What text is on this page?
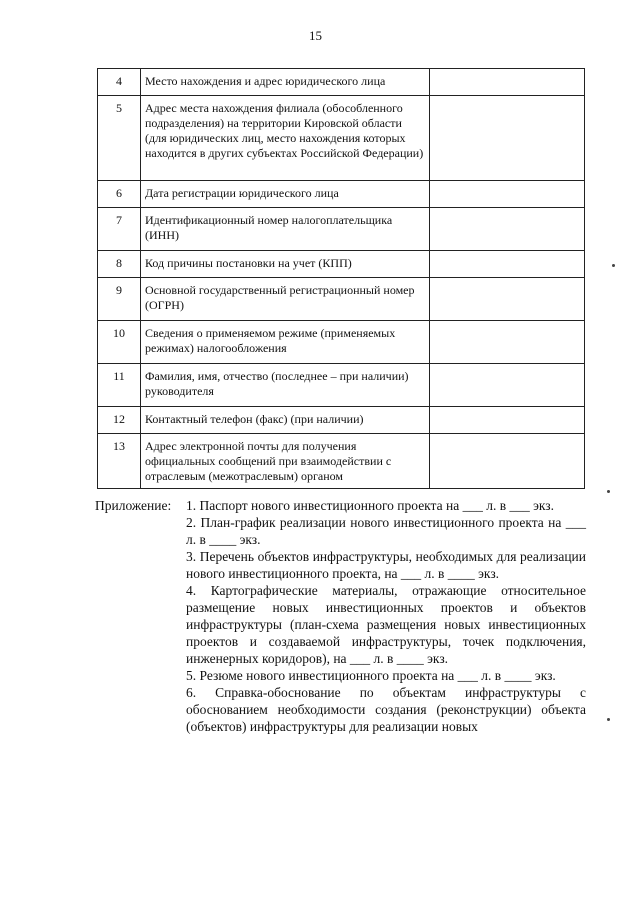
15
4	Место нахождения и адрес юридического лица	
5	Адрес места нахождения филиала (обособленного подразделения) на территории Кировской области (для юридических лиц, место нахождения которых находится в других субъектах Российской Федерации)	
6	Дата регистрации юридического лица	
7	Идентификационный номер налогоплательщика (ИНН)	
8	Код причины постановки на учет (КПП)	
9	Основной государственный регистрационный номер (ОГРН)	
10	Сведения о применяемом режиме (применяемых режимах) налогообложения	
11	Фамилия, имя, отчество (последнее – при наличии) руководителя	
12	Контактный телефон (факс) (при наличии)	
13	Адрес электронной почты для получения официальных сообщений при взаимодействии с отраслевым (межотраслевым) органом	
Приложение: 1. Паспорт нового инвестиционного проекта на ___ л. в ___ экз.

2. План-график реализации нового инвестиционного проекта на ___ л. в ____ экз.

3. Перечень объектов инфраструктуры, необходимых для реализации нового инвестиционного проекта, на ___ л. в ____ экз.

4. Картографические материалы, отражающие относительное размещение новых инвестиционных проектов и объектов инфраструктуры (план-схема размещения новых инвестиционных проектов и создаваемой инфраструктуры, точек подключения, инженерных коридоров), на ___ л. в ____ экз.

5. Резюме нового инвестиционного проекта на ___ л. в ____ экз.

6. Справка-обоснование по объектам инфраструктуры с обоснованием необходимости создания (реконструкции) объекта (объектов) инфраструктуры для реализации новых
